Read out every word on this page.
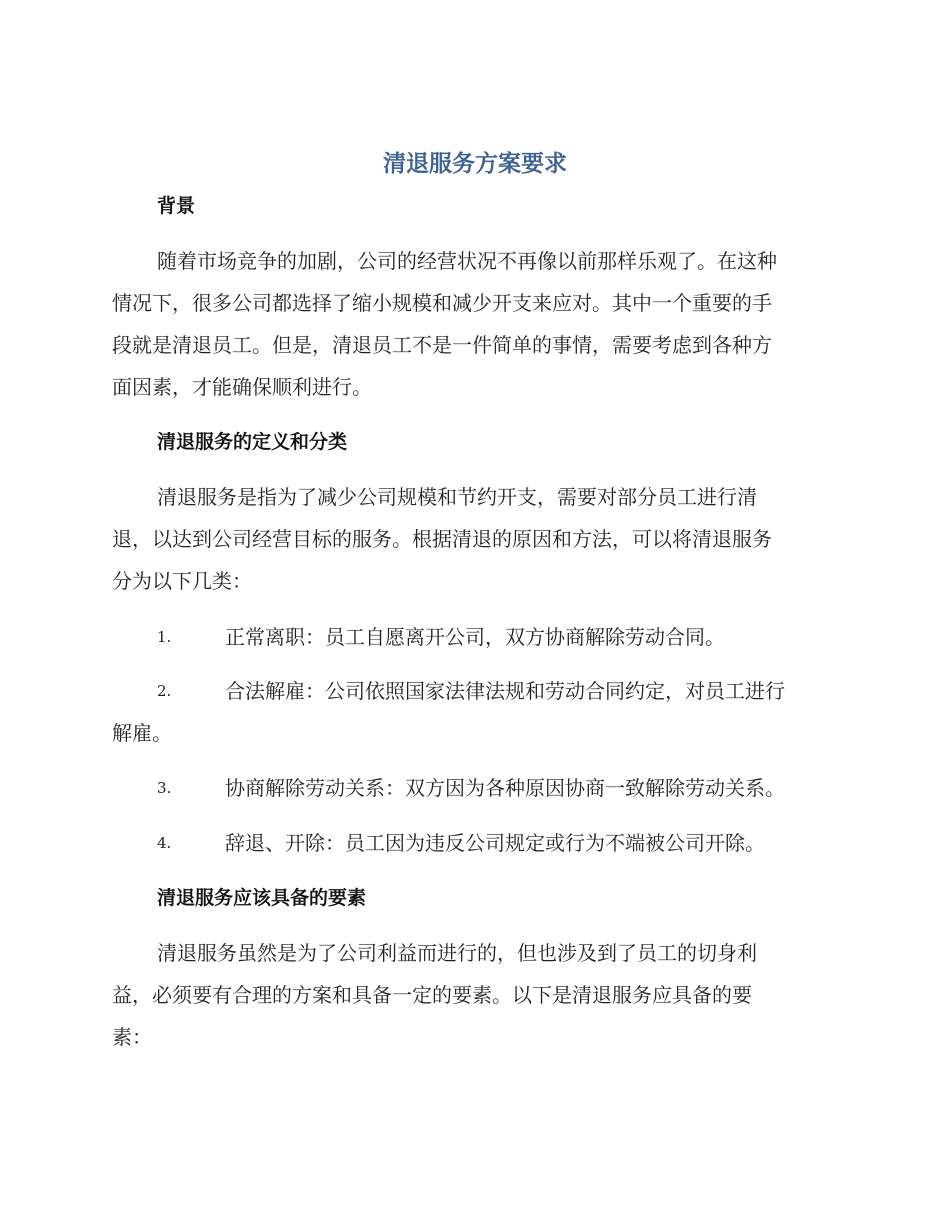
清退服务方案要求
背景
随着市场竞争的加剧，公司的经营状况不再像以前那样乐观了。在这种
情况下，很多公司都选择了缩小规模和减少开支来应对。其中一个重要的手
段就是清退员工。但是，清退员工不是一件简单的事情，需要考虑到各种方
面因素，才能确保顺利进行。
清退服务的定义和分类
清退服务是指为了减少公司规模和节约开支，需要对部分员工进行清
退，以达到公司经营目标的服务。根据清退的原因和方法，可以将清退服务
分为以下几类：
1.	正常离职：员工自愿离开公司，双方协商解除劳动合同。
2.	合法解雇：公司依照国家法律法规和劳动合同约定，对员工进行
解雇。
3.	协商解除劳动关系：双方因为各种原因协商一致解除劳动关系。
4.	辞退、开除：员工因为违反公司规定或行为不端被公司开除。
清退服务应该具备的要素
清退服务虽然是为了公司利益而进行的，但也涉及到了员工的切身利
益，必须要有合理的方案和具备一定的要素。以下是清退服务应具备的要
素：
